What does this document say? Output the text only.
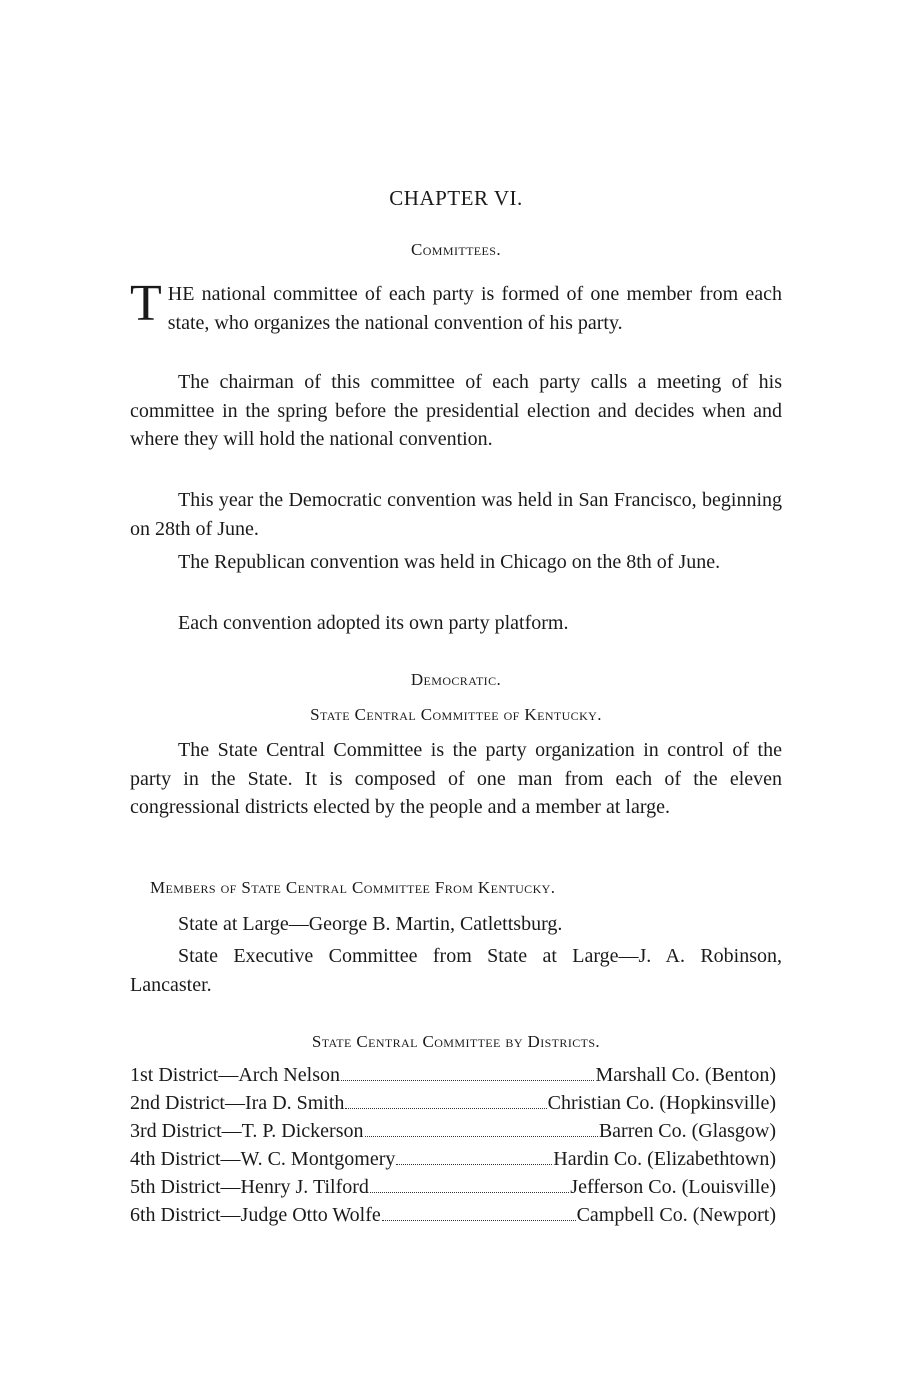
CHAPTER VI.
Committees.

THE national committee of each party is formed of one member from each state, who organizes the national convention of his party.

The chairman of this committee of each party calls a meeting of his committee in the spring before the presidential election and decides when and where they will hold the national convention.

This year the Democratic convention was held in San Francisco, beginning on 28th of June.

The Republican convention was held in Chicago on the 8th of June.

Each convention adopted its own party platform.

Democratic.
State Central Committee of Kentucky.

The State Central Committee is the party organization in control of the party in the State. It is composed of one man from each of the eleven congressional districts elected by the people and a member at large.

Members of State Central Committee From Kentucky.

State at Large—George B. Martin, Catlettsburg.

State Executive Committee from State at Large—J. A. Robinson, Lancaster.

State Central Committee by Districts.
1st District—Arch Nelson	Marshall Co. (Benton)
2nd District—Ira D. Smith	Christian Co. (Hopkinsville)
3rd District—T. P. Dickerson	Barren Co. (Glasgow)
4th District—W. C. Montgomery	Hardin Co. (Elizabethtown)
5th District—Henry J. Tilford	Jefferson Co. (Louisville)
6th District—Judge Otto Wolfe	Campbell Co. (Newport)
